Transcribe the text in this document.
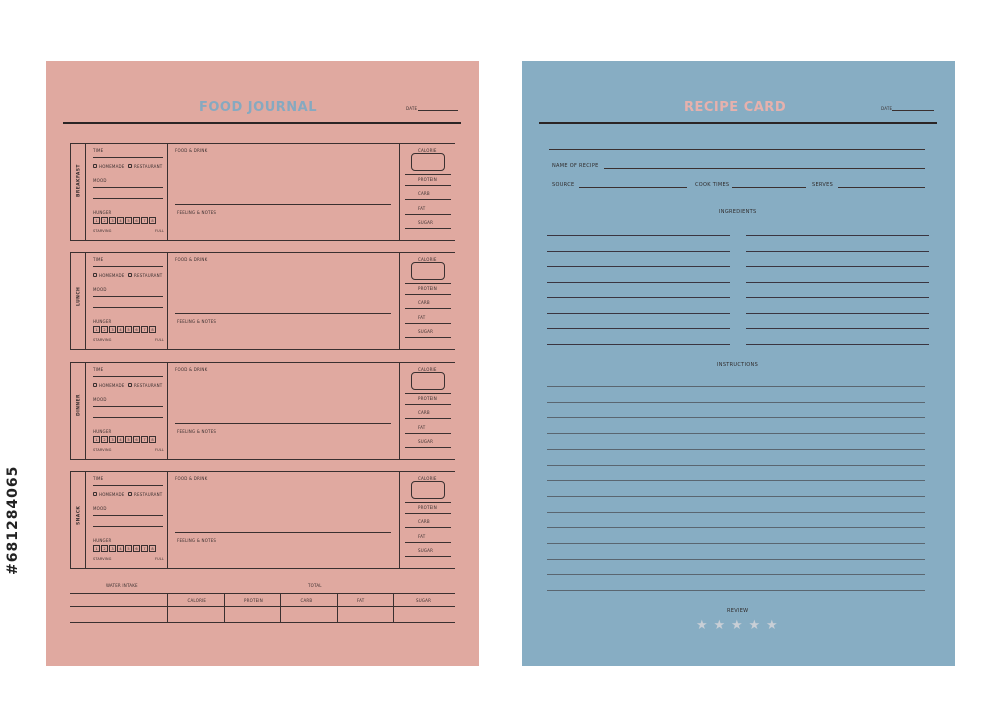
#681284065
FOOD JOURNAL	DATE
BREAKFAST
TIME
HOMEMADE RESTAURANT
MOOD
HUNGER
1	2	3	4	5	6	7	8
STARVING	FULL
FOOD & DRINK
FEELING & NOTES
CALORIE
PROTEIN
CARB
FAT
SUGAR
LUNCH
TIME
HOMEMADE RESTAURANT
MOOD
HUNGER
1	2	3	4	5	6	7	8
STARVING	FULL
FOOD & DRINK
FEELING & NOTES
CALORIE
PROTEIN
CARB
FAT
SUGAR
DINNER
TIME
HOMEMADE RESTAURANT
MOOD
HUNGER
1	2	3	4	5	6	7	8
STARVING	FULL
FOOD & DRINK
FEELING & NOTES
CALORIE
PROTEIN
CARB
FAT
SUGAR
SNACK
TIME
HOMEMADE RESTAURANT
MOOD
HUNGER
1	2	3	4	5	6	7	8
STARVING	FULL
FOOD & DRINK
FEELING & NOTES
CALORIE
PROTEIN
CARB
FAT
SUGAR
WATER INTAKE	TOTAL
CALORIE	PROTEIN	CARB	FAT	SUGAR
RECIPE CARD	DATE
NAME OF RECIPE
SOURCE	COOK TIMES	SERVES
INGREDIENTS
INSTRUCTIONS
REVIEW
★ ★ ★ ★ ★
